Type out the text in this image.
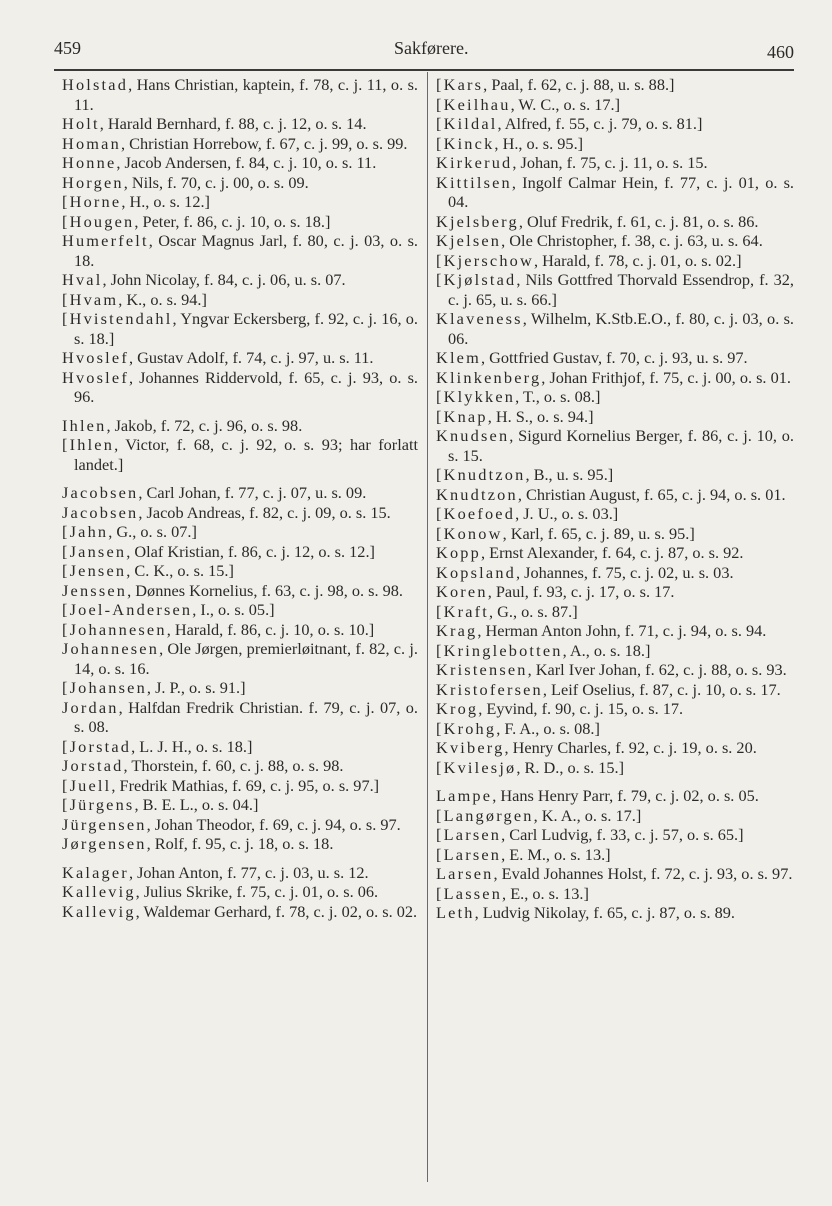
459	Sakførere.	460

Holstad, Hans Christian, kaptein, f. 78, c. j. 11, o. s. 11.

Holt, Harald Bernhard, f. 88, c. j. 12, o. s. 14.

Homan, Christian Horrebow, f. 67, c. j. 99, o. s. 99.

Honne, Jacob Andersen, f. 84, c. j. 10, o. s. 11.

Horgen, Nils, f. 70, c. j. 00, o. s. 09.

[Horne, H., o. s. 12.]

[Hougen, Peter, f. 86, c. j. 10, o. s. 18.]

Humerfelt, Oscar Magnus Jarl, f. 80, c. j. 03, o. s. 18.

Hval, John Nicolay, f. 84, c. j. 06, u. s. 07.

[Hvam, K., o. s. 94.]

[Hvistendahl, Yngvar Eckersberg, f. 92, c. j. 16, o. s. 18.]

Hvoslef, Gustav Adolf, f. 74, c. j. 97, u. s. 11.

Hvoslef, Johannes Riddervold, f. 65, c. j. 93, o. s. 96.

Ihlen, Jakob, f. 72, c. j. 96, o. s. 98.

[Ihlen, Victor, f. 68, c. j. 92, o. s. 93; har forlatt landet.]

Jacobsen, Carl Johan, f. 77, c. j. 07, u. s. 09.

Jacobsen, Jacob Andreas, f. 82, c. j. 09, o. s. 15.

[Jahn, G., o. s. 07.]

[Jansen, Olaf Kristian, f. 86, c. j. 12, o. s. 12.]

[Jensen, C. K., o. s. 15.]

Jenssen, Dønnes Kornelius, f. 63, c. j. 98, o. s. 98.

[Joel-Andersen, I., o. s. 05.]

[Johannesen, Harald, f. 86, c. j. 10, o. s. 10.]

Johannesen, Ole Jørgen, premierløitnant, f. 82, c. j. 14, o. s. 16.

[Johansen, J. P., o. s. 91.]

Jordan, Halfdan Fredrik Christian. f. 79, c. j. 07, o. s. 08.

[Jorstad, L. J. H., o. s. 18.]

Jorstad, Thorstein, f. 60, c. j. 88, o. s. 98.

[Juell, Fredrik Mathias, f. 69, c. j. 95, o. s. 97.]

[Jürgens, B. E. L., o. s. 04.]

Jürgensen, Johan Theodor, f. 69, c. j. 94, o. s. 97.

Jørgensen, Rolf, f. 95, c. j. 18, o. s. 18.

Kalager, Johan Anton, f. 77, c. j. 03, u. s. 12.

Kallevig, Julius Skrike, f. 75, c. j. 01, o. s. 06.

Kallevig, Waldemar Gerhard, f. 78, c. j. 02, o. s. 02.

[Kars, Paal, f. 62, c. j. 88, u. s. 88.]

[Keilhau, W. C., o. s. 17.]

[Kildal, Alfred, f. 55, c. j. 79, o. s. 81.]

[Kinck, H., o. s. 95.]

Kirkerud, Johan, f. 75, c. j. 11, o. s. 15.

Kittilsen, Ingolf Calmar Hein, f. 77, c. j. 01, o. s. 04.

Kjelsberg, Oluf Fredrik, f. 61, c. j. 81, o. s. 86.

Kjelsen, Ole Christopher, f. 38, c. j. 63, u. s. 64.

[Kjerschow, Harald, f. 78, c. j. 01, o. s. 02.]

[Kjølstad, Nils Gottfred Thorvald Essendrop, f. 32, c. j. 65, u. s. 66.]

Klaveness, Wilhelm, K.Stb.E.O., f. 80, c. j. 03, o. s. 06.

Klem, Gottfried Gustav, f. 70, c. j. 93, u. s. 97.

Klinkenberg, Johan Frithjof, f. 75, c. j. 00, o. s. 01.

[Klykken, T., o. s. 08.]

[Knap, H. S., o. s. 94.]

Knudsen, Sigurd Kornelius Berger, f. 86, c. j. 10, o. s. 15.

[Knudtzon, B., u. s. 95.]

Knudtzon, Christian August, f. 65, c. j. 94, o. s. 01.

[Koefoed, J. U., o. s. 03.]

[Konow, Karl, f. 65, c. j. 89, u. s. 95.]

Kopp, Ernst Alexander, f. 64, c. j. 87, o. s. 92.

Kopsland, Johannes, f. 75, c. j. 02, u. s. 03.

Koren, Paul, f. 93, c. j. 17, o. s. 17.

[Kraft, G., o. s. 87.]

Krag, Herman Anton John, f. 71, c. j. 94, o. s. 94.

[Kringlebotten, A., o. s. 18.]

Kristensen, Karl Iver Johan, f. 62, c. j. 88, o. s. 93.

Kristofersen, Leif Oselius, f. 87, c. j. 10, o. s. 17.

Krog, Eyvind, f. 90, c. j. 15, o. s. 17.

[Krohg, F. A., o. s. 08.]

Kviberg, Henry Charles, f. 92, c. j. 19, o. s. 20.

[Kvilesjø, R. D., o. s. 15.]

Lampe, Hans Henry Parr, f. 79, c. j. 02, o. s. 05.

[Langørgen, K. A., o. s. 17.]

[Larsen, Carl Ludvig, f. 33, c. j. 57, o. s. 65.]

[Larsen, E. M., o. s. 13.]

Larsen, Evald Johannes Holst, f. 72, c. j. 93, o. s. 97.

[Lassen, E., o. s. 13.]

Leth, Ludvig Nikolay, f. 65, c. j. 87, o. s. 89.
